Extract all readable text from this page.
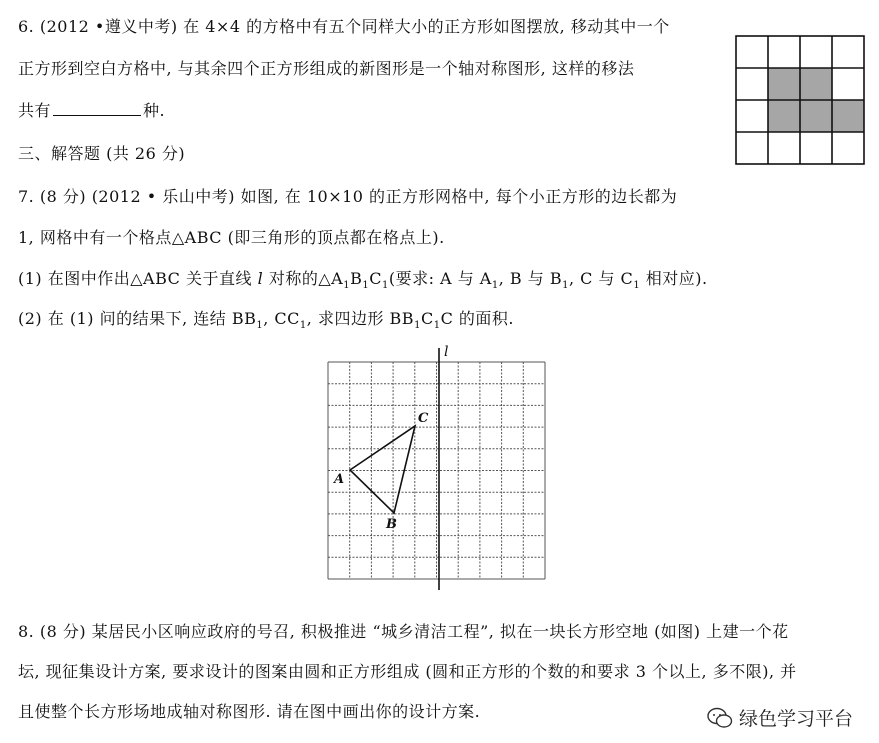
6. (2012 •遵义中考) 在 4×4 的方格中有五个同样大小的正方形如图摆放, 移动其中一个
正方形到空白方格中, 与其余四个正方形组成的新图形是一个轴对称图形, 这样的移法
共有	种.
三、解答题 (共 26 分)
7. (8 分) (2012 • 乐山中考) 如图, 在 10×10 的正方形网格中, 每个小正方形的边长都为
1, 网格中有一个格点△ABC (即三角形的顶点都在格点上).
(1) 在图中作出△ABC 关于直线 l 对称的$\triangle A_1B_1C_1$(要求: A 与 $A_1$, B 与 $B_1$, C 与 $C_1$ 相对应).
(2) 在 (1) 问的结果下, 连结 $BB_1$, $CC_1$, 求四边形 $BB_1C_1C$ 的面积.
l
A
B
C
8. (8 分) 某居民小区响应政府的号召, 积极推进 “城乡清洁工程”, 拟在一块长方形空地 (如图) 上建一个花
坛, 现征集设计方案, 要求设计的图案由圆和正方形组成 (圆和正方形的个数的和要求 3 个以上, 多不限), 并
且使整个长方形场地成轴对称图形. 请在图中画出你的设计方案.	绿色学习平台
